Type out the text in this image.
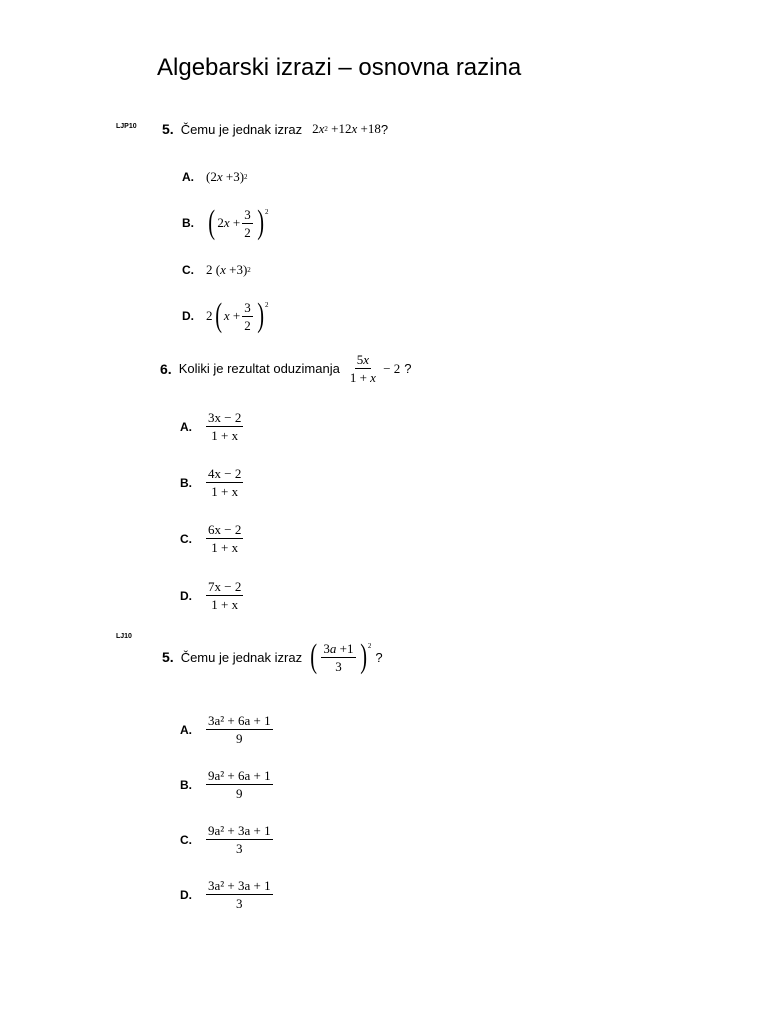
Algebarski izrazi – osnovna razina
LJP10 5. Čemu je jednak izraz 2 x 2 +12 x +18 ?
A. (2 x +3) 2
B. ( 2 $x + \frac{3}{2}$ ) 2
C. 2 ( x +3) 2
D. 2 ( $x + \frac{3}{2}$ ) 2
6. Koliki je rezultat oduzimanja $\frac{5x}{1 + x} - 2$ ?
A.	$\frac{3x - 2}{1 + x}$
B.	$\frac{4x - 2}{1 + x}$
C.	$\frac{6x - 2}{1 + x}$
D.	$\frac{7x - 2}{1 + x}$
LJ10
5. Čemu je jednak izraz ( $\frac{3a +1}{3}$ ) 2
?
A.	$\frac{\text{3a² + 6a + 1}}{9}$
B.	$\frac{\text{9a² + 6a + 1}}{9}$
C.	$\frac{\text{9a² + 3a + 1}}{3}$
D.	$\frac{\text{3a² + 3a + 1}}{3}$
